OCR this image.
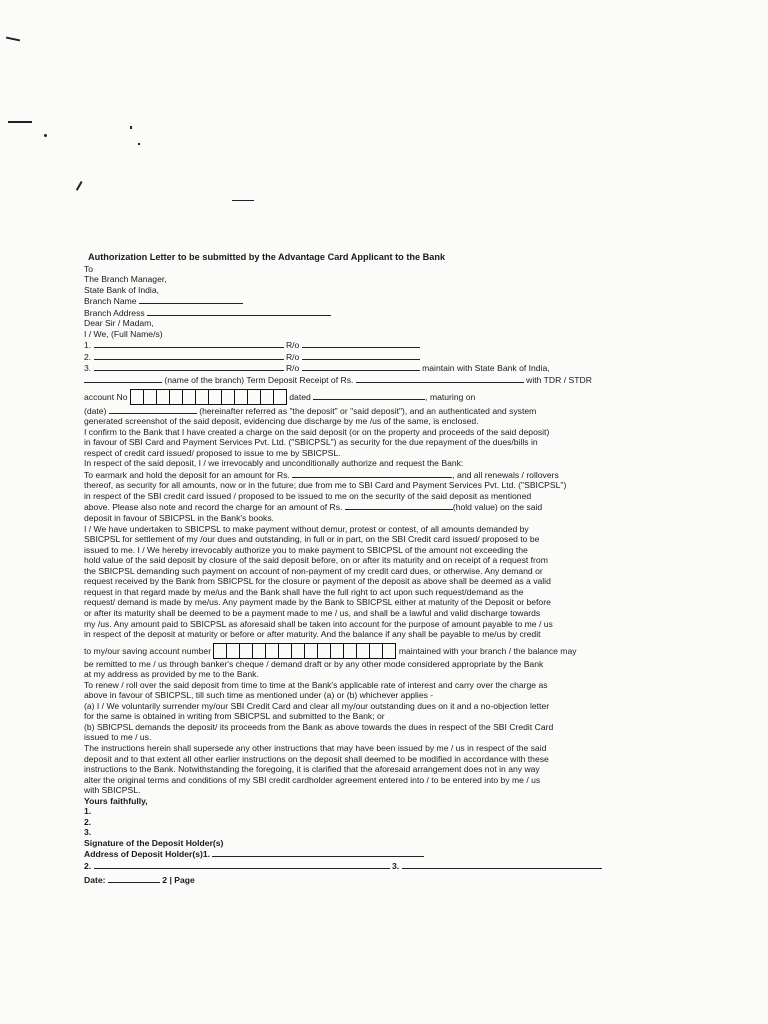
Authorization Letter to be submitted by the Advantage Card Applicant to the Bank
To
The Branch Manager,
State Bank of India,
Branch Name
Branch Address
Dear Sir / Madam,
I / We, (Full Name/s)
1.	R/o
2.	R/o
3.	R/o	maintain with State Bank of India,
(name of the branch) Term Deposit Receipt of Rs.	with TDR / STDR
account No	dated	, maturing on
(date)	(hereinafter referred as "the deposit" or "said deposit"), and an authenticated and system
generated screenshot of the said deposit, evidencing due discharge by me /us of the same, is enclosed.
I confirm to the Bank that I have created a charge on the said deposit (or on the property and proceeds of the said deposit)
in favour of SBI Card and Payment Services Pvt. Ltd. ("SBICPSL") as security for the due repayment of the dues/bills in
respect of credit card issued/ proposed to issue to me by SBICPSL.
In respect of the said deposit, I / we irrevocably and unconditionally authorize and request the Bank:
To earmark and hold the deposit for an amount for Rs.	, and all renewals / rollovers
thereof, as security for all amounts, now or in the future; due from me to SBI Card and Payment Services Pvt. Ltd. ("SBICPSL")
in respect of the SBI credit card issued / proposed to be issued to me on the security of the said deposit as mentioned
above. Please also note and record the charge for an amount of Rs.	(hold value) on the said
deposit in favour of SBICPSL in the Bank's books.
I / We have undertaken to SBICPSL to make payment without demur, protest or contest, of all amounts demanded by
SBICPSL for settlement of my /our dues and outstanding, in full or in part, on the SBI Credit card issued/ proposed to be
issued to me. I / We hereby irrevocably authorize you to make payment to SBICPSL of the amount not exceeding the
hold value of the said deposit by closure of the said deposit before, on or after its maturity and on receipt of a request from
the SBICPSL demanding such payment on account of non-payment of my credit card dues, or otherwise. Any demand or
request received by the Bank from SBICPSL for the closure or payment of the deposit as above shall be deemed as a valid
request in that regard made by me/us and the Bank shall have the full right to act upon such request/demand as the
request/ demand is made by me/us. Any payment made by the Bank to SBICPSL either at maturity of the Deposit or before
or after its maturity shall be deemed to be a payment made to me / us, and shall be a lawful and valid discharge towards
my /us. Any amount paid to SBICPSL as aforesaid shall be taken into account for the purpose of amount payable to me / us
in respect of the deposit at maturity or before or after maturity. And the balance if any shall be payable to me/us by credit
to my/our saving account number	maintained with your branch / the balance may
be remitted to me / us through banker's cheque / demand draft or by any other mode considered appropriate by the Bank
at my address as provided by me to the Bank.
To renew / roll over the said deposit from time to time at the Bank's applicable rate of interest and carry over the charge as
above in favour of SBICPSL, till such time as mentioned under (a) or (b) whichever applies -
(a) I / We voluntarily surrender my/our SBI Credit Card and clear all my/our outstanding dues on it and a no-objection letter
for the same is obtained in writing from SBICPSL and submitted to the Bank; or
(b) SBICPSL demands the deposit/ its proceeds from the Bank as above towards the dues in respect of the SBI Credit Card
issued to me / us.
The instructions herein shall supersede any other instructions that may have been issued by me / us in respect of the said
deposit and to that extent all other earlier instructions on the deposit shall deemed to be modified in accordance with these
instructions to the Bank. Notwithstanding the foregoing, it is clarified that the aforesaid arrangement does not in any way
alter the original terms and conditions of my SBI credit cardholder agreement entered into / to be entered into by me / us
with SBICPSL.
Yours faithfully,
1.
2.
3.
Signature of the Deposit Holder(s)
Address of Deposit Holder(s)1.
2.	3.
Date:	2 | Page
